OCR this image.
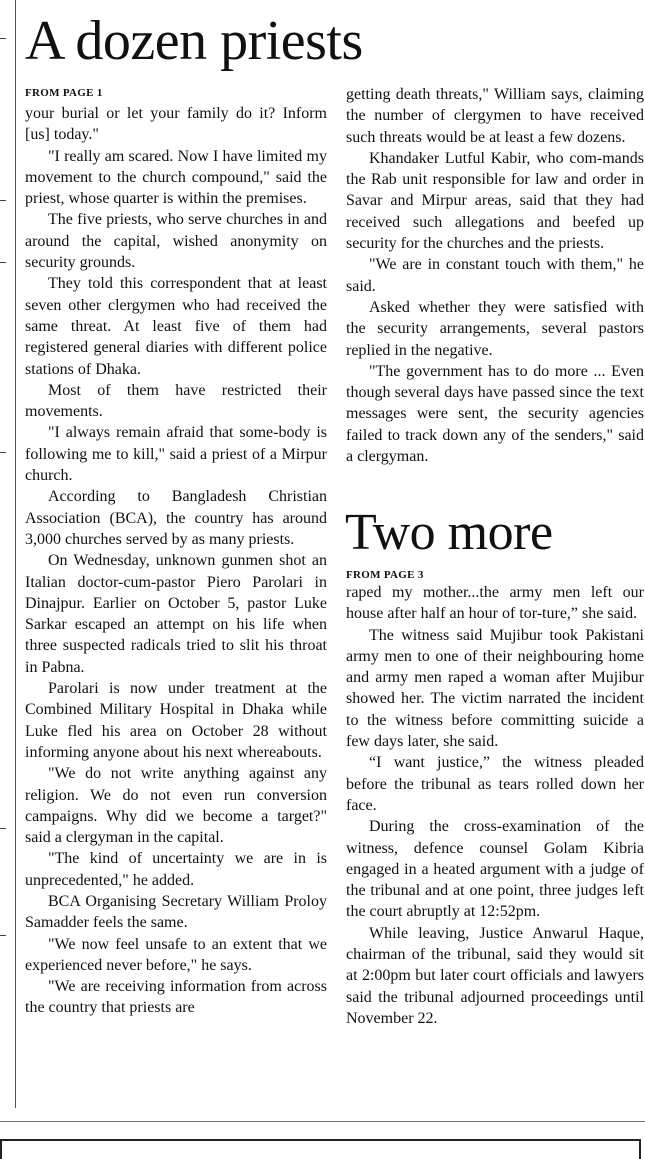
A dozen priests
FROM PAGE 1

your burial or let your family do it? Inform [us] today."

"I really am scared. Now I have limited my movement to the church compound," said the priest, whose quarter is within the premises.

The five priests, who serve churches in and around the capital, wished anonymity on security grounds.

They told this correspondent that at least seven other clergymen who had received the same threat. At least five of them had registered general diaries with different police stations of Dhaka.

Most of them have restricted their movements.

"I always remain afraid that some-body is following me to kill," said a priest of a Mirpur church.

According to Bangladesh Christian Association (BCA), the country has around 3,000 churches served by as many priests.

On Wednesday, unknown gunmen shot an Italian doctor-cum-pastor Piero Parolari in Dinajpur. Earlier on October 5, pastor Luke Sarkar escaped an attempt on his life when three suspected radicals tried to slit his throat in Pabna.

Parolari is now under treatment at the Combined Military Hospital in Dhaka while Luke fled his area on October 28 without informing anyone about his next whereabouts.

"We do not write anything against any religion. We do not even run conversion campaigns. Why did we become a target?" said a clergyman in the capital.

"The kind of uncertainty we are in is unprecedented," he added.

BCA Organising Secretary William Proloy Samadder feels the same.

"We now feel unsafe to an extent that we experienced never before," he says.

"We are receiving information from across the country that priests are

getting death threats," William says, claiming the number of clergymen to have received such threats would be at least a few dozens.

Khandaker Lutful Kabir, who com-mands the Rab unit responsible for law and order in Savar and Mirpur areas, said that they had received such allegations and beefed up security for the churches and the priests.

"We are in constant touch with them," he said.

Asked whether they were satisfied with the security arrangements, several pastors replied in the negative.

"The government has to do more ... Even though several days have passed since the text messages were sent, the security agencies failed to track down any of the senders," said a clergyman.

Two more
FROM PAGE 3

raped my mother...the army men left our house after half an hour of tor-ture,” she said.

The witness said Mujibur took Pakistani army men to one of their neighbouring home and army men raped a woman after Mujibur showed her. The victim narrated the incident to the witness before committing suicide a few days later, she said.

“I want justice,” the witness pleaded before the tribunal as tears rolled down her face.

During the cross-examination of the witness, defence counsel Golam Kibria engaged in a heated argument with a judge of the tribunal and at one point, three judges left the court abruptly at 12:52pm.

While leaving, Justice Anwarul Haque, chairman of the tribunal, said they would sit at 2:00pm but later court officials and lawyers said the tribunal adjourned proceedings until November 22.
